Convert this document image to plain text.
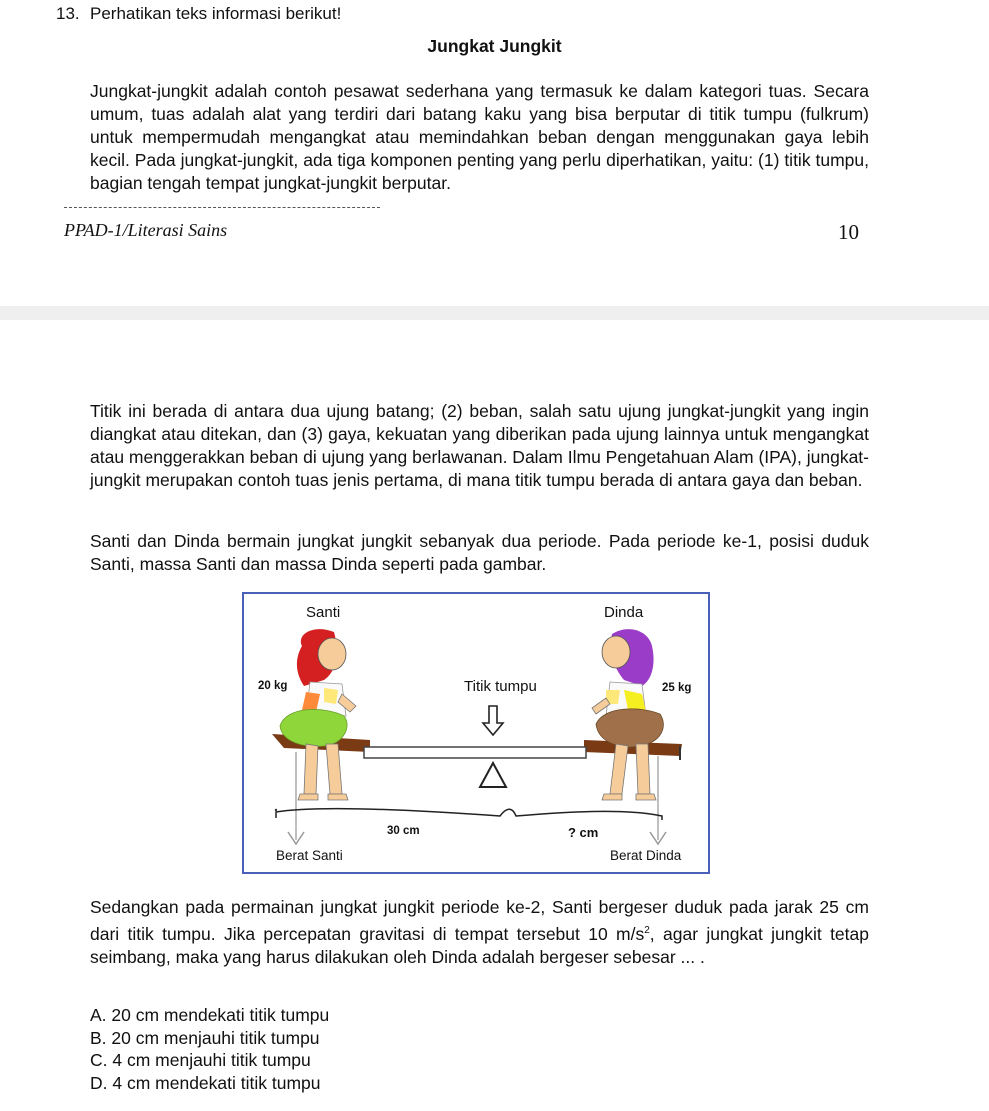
13. Perhatikan teks informasi berikut!
Jungkat Jungkit

Jungkat-jungkit adalah contoh pesawat sederhana yang termasuk ke dalam kategori tuas. Secara umum, tuas adalah alat yang terdiri dari batang kaku yang bisa berputar di titik tumpu (fulkrum) untuk mempermudah mengangkat atau memindahkan beban dengan menggunakan gaya lebih kecil. Pada jungkat-jungkit, ada tiga komponen penting yang perlu diperhatikan, yaitu: (1) titik tumpu, bagian tengah tempat jungkat-jungkit berputar.

PPAD-1/Literasi Sains	10

Titik ini berada di antara dua ujung batang; (2) beban, salah satu ujung jungkat-jungkit yang ingin diangkat atau ditekan, dan (3) gaya, kekuatan yang diberikan pada ujung lainnya untuk mengangkat atau menggerakkan beban di ujung yang berlawanan. Dalam Ilmu Pengetahuan Alam (IPA), jungkat-jungkit merupakan contoh tuas jenis pertama, di mana titik tumpu berada di antara gaya dan beban.

Santi dan Dinda bermain jungkat jungkit sebanyak dua periode. Pada periode ke-1, posisi duduk Santi, massa Santi dan massa Dinda seperti pada gambar.

Santi	Dinda
20 kg	25 kg
Titik tumpu
30 cm	? cm
Berat Santi	Berat Dinda

Sedangkan pada permainan jungkat jungkit periode ke-2, Santi bergeser duduk pada jarak 25 cm dari titik tumpu. Jika percepatan gravitasi di tempat tersebut 10 $m/s^2$, agar jungkat jungkit tetap seimbang, maka yang harus dilakukan oleh Dinda adalah bergeser sebesar ... .

A. 20 cm mendekati titik tumpu
B. 20 cm menjauhi titik tumpu
C. 4 cm menjauhi titik tumpu
D. 4 cm mendekati titik tumpu
